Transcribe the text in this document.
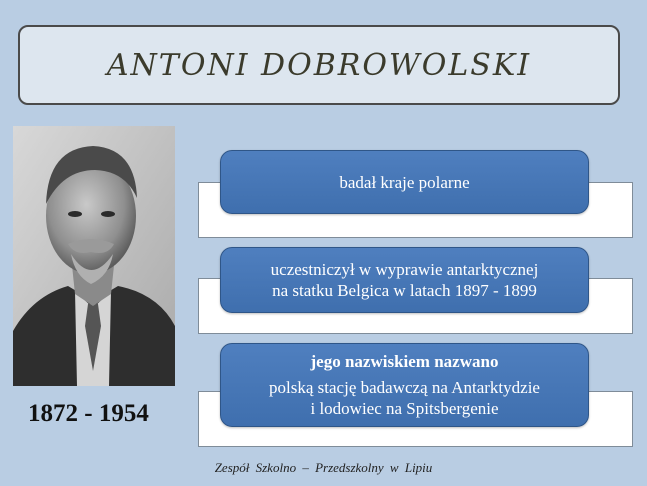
ANTONI DOBROWOLSKI
1872 - 1954
badał kraje polarne
uczestniczył w wyprawie antarktycznej
na statku Belgica w latach 1897 - 1899
jego nazwiskiem nazwano
polską stację badawczą na Antarktydzie
i lodowiec na Spitsbergenie
Zespół Szkolno – Przedszkolny w Lipiu
